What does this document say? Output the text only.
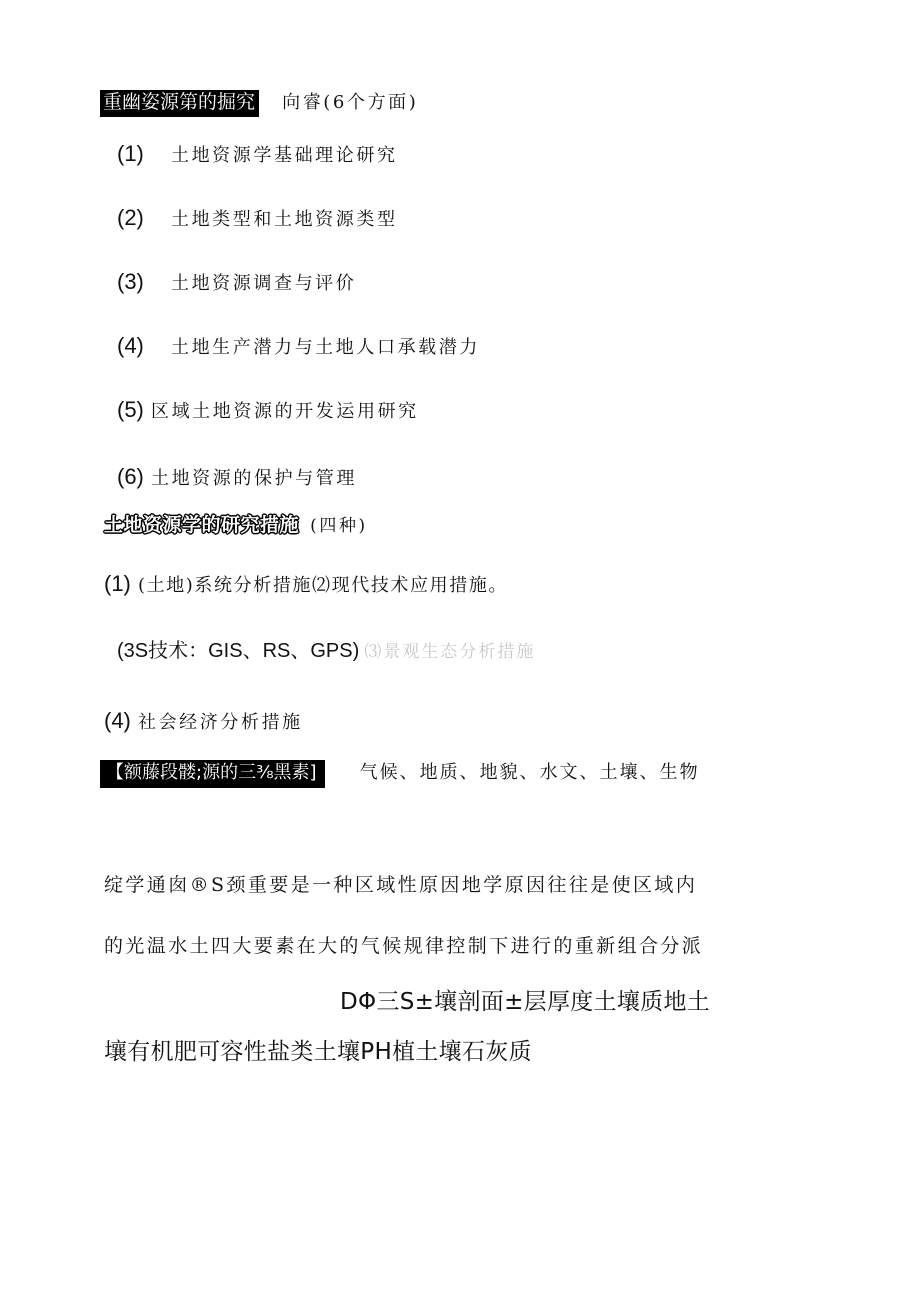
重幽姿源第的掘究 向睿(6个方面)
(1) 土地资源学基础理论研究
(2) 土地类型和土地资源类型
(3) 土地资源调查与评价
(4) 土地生产潜力与土地人口承载潜力
(5) 区域土地资源的开发运用研究
(6) 土地资源的保护与管理
土地资源学的研究措施 (四种)
(1) (土地)系统分析措施⑵现代技术应用措施。
(3S技术：GIS、RS、GPS) ⑶景观生态分析措施
(4) 社会经济分析措施
【额藤段髅;源的三⅜黑素] 气候、地质、地貌、水文、土壤、生物
绽学通囱®S颈重要是一种区域性原因地学原因往往是使区域内
的光温水土四大要素在大的气候规律控制下进行的重新组合分派
DΦ三S±壤剖面±层厚度土壤质地土
壤有机肥可容性盐类土壤PH植土壤石灰质
